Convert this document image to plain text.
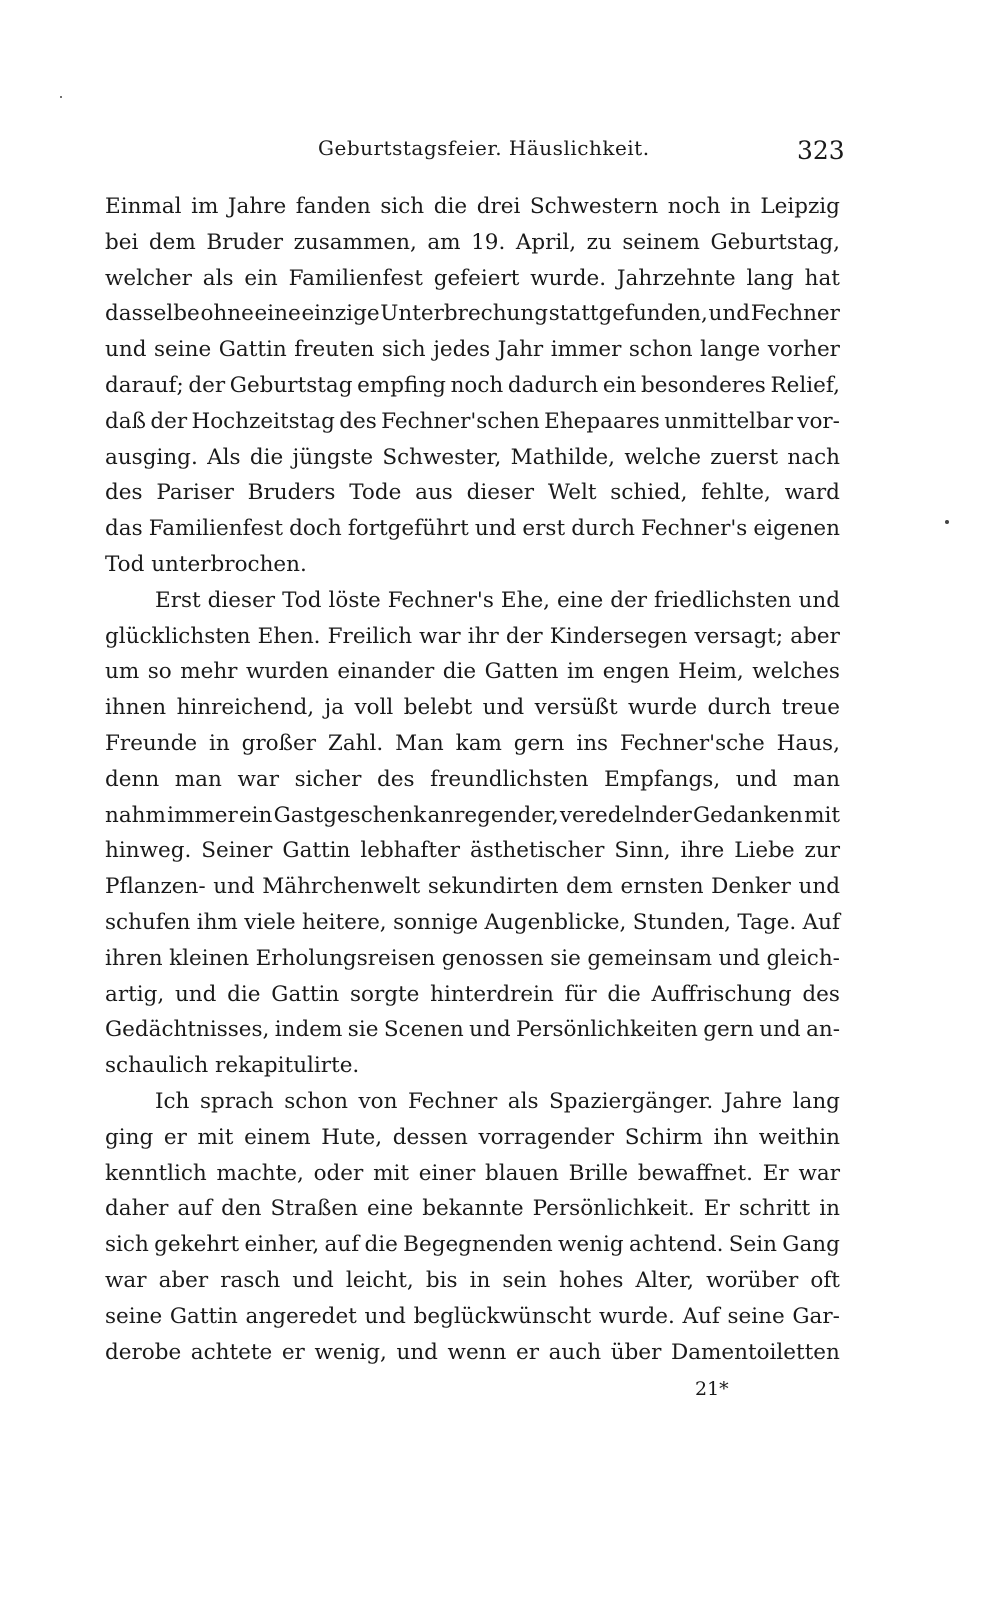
Geburtstagsfeier. Häuslichkeit.	323
Einmal im Jahre fanden sich die drei Schwestern noch in Leipzig
bei dem Bruder zusammen, am 19. April, zu seinem Geburtstag,
welcher als ein Familienfest gefeiert wurde. Jahrzehnte lang hat
dasselbe ohne eine einzige Unterbrechung stattgefunden, und Fechner
und seine Gattin freuten sich jedes Jahr immer schon lange vorher
darauf; der Geburtstag empfing noch dadurch ein besonderes Relief,
daß der Hochzeitstag des Fechner'schen Ehepaares unmittelbar vor-
ausging. Als die jüngste Schwester, Mathilde, welche zuerst nach
des Pariser Bruders Tode aus dieser Welt schied, fehlte, ward
das Familienfest doch fortgeführt und erst durch Fechner's eigenen
Tod unterbrochen.
Erst dieser Tod löste Fechner's Ehe, eine der friedlichsten und
glücklichsten Ehen. Freilich war ihr der Kindersegen versagt; aber
um so mehr wurden einander die Gatten im engen Heim, welches
ihnen hinreichend, ja voll belebt und versüßt wurde durch treue
Freunde in großer Zahl. Man kam gern ins Fechner'sche Haus,
denn man war sicher des freundlichsten Empfangs, und man
nahm immer ein Gastgeschenk anregender, veredelnder Gedanken mit
hinweg. Seiner Gattin lebhafter ästhetischer Sinn, ihre Liebe zur
Pflanzen- und Mährchenwelt sekundirten dem ernsten Denker und
schufen ihm viele heitere, sonnige Augenblicke, Stunden, Tage. Auf
ihren kleinen Erholungsreisen genossen sie gemeinsam und gleich-
artig, und die Gattin sorgte hinterdrein für die Auffrischung des
Gedächtnisses, indem sie Scenen und Persönlichkeiten gern und an-
schaulich rekapitulirte.
Ich sprach schon von Fechner als Spaziergänger. Jahre lang
ging er mit einem Hute, dessen vorragender Schirm ihn weithin
kenntlich machte, oder mit einer blauen Brille bewaffnet. Er war
daher auf den Straßen eine bekannte Persönlichkeit. Er schritt in
sich gekehrt einher, auf die Begegnenden wenig achtend. Sein Gang
war aber rasch und leicht, bis in sein hohes Alter, worüber oft
seine Gattin angeredet und beglückwünscht wurde. Auf seine Gar-
derobe achtete er wenig, und wenn er auch über Damentoiletten
21*
